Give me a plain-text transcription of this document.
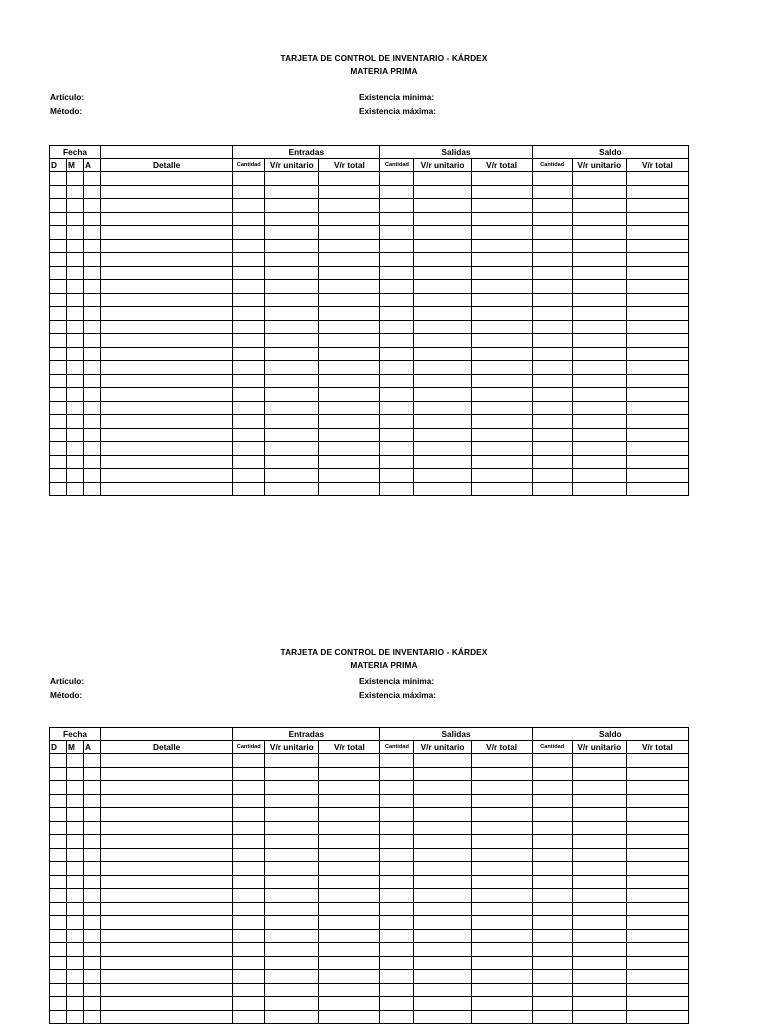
TARJETA DE CONTROL DE INVENTARIO - KÁRDEX
MATERIA PRIMA
Artículo:
Método:
Existencia mínima:
Existencia máxima:
Fecha				Entradas			Salidas			Saldo		
D	M	A	Detalle	Cantidad	V/r unitario	V/r total	Cantidad	V/r unitario	V/r total	Cantidad	V/r unitario	V/r total

TARJETA DE CONTROL DE INVENTARIO - KÁRDEX
MATERIA PRIMA
Artículo:
Método:
Existencia mínima:
Existencia máxima:
Fecha				Entradas			Salidas			Saldo		
D	M	A	Detalle	Cantidad	V/r unitario	V/r total	Cantidad	V/r unitario	V/r total	Cantidad	V/r unitario	V/r total
